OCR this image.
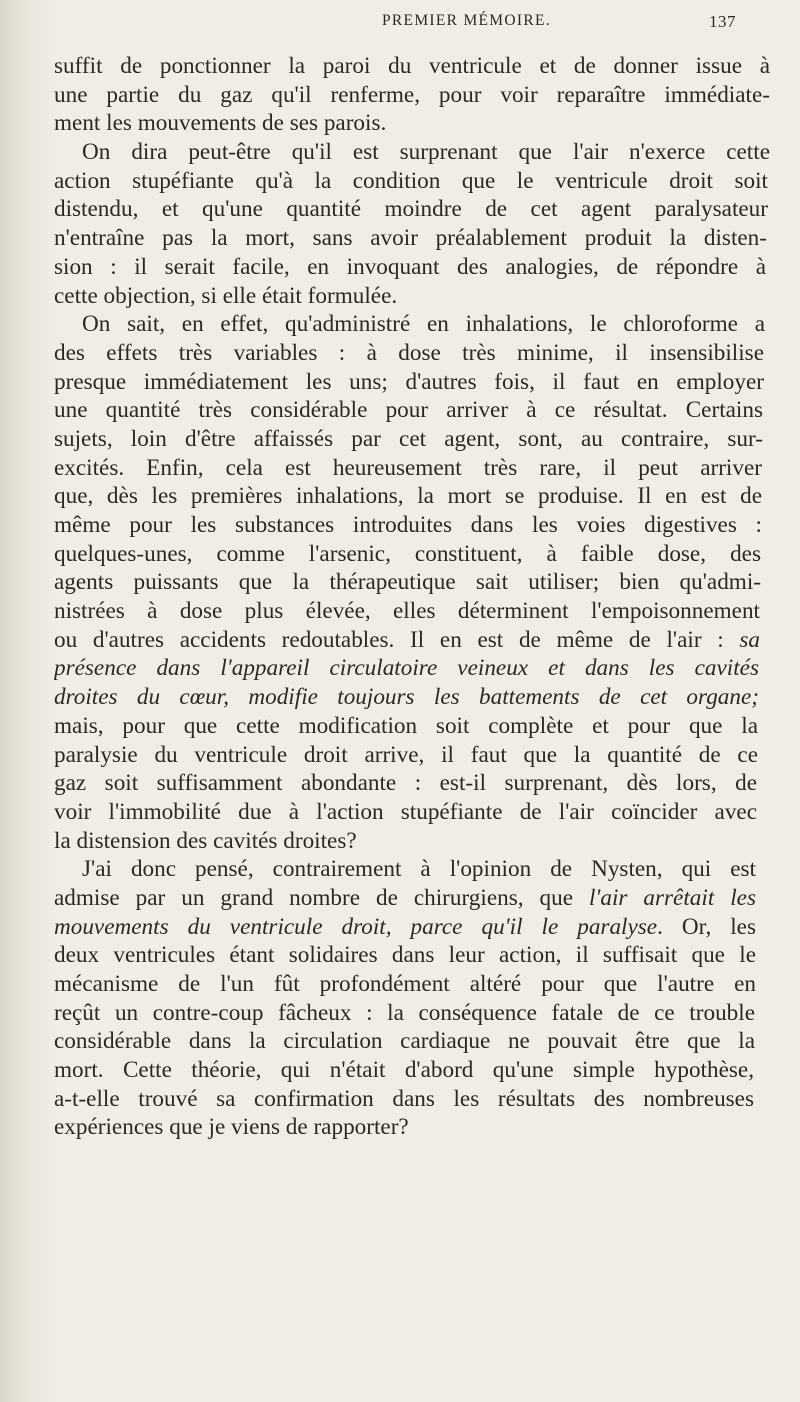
PREMIER MÉMOIRE.	137
suffit de ponctionner la paroi du ventricule et de donner issue à
une partie du gaz qu'il renferme, pour voir reparaître immédiate-
ment les mouvements de ses parois.
On dira peut-être qu'il est surprenant que l'air n'exerce cette
action stupéfiante qu'à la condition que le ventricule droit soit
distendu, et qu'une quantité moindre de cet agent paralysateur
n'entraîne pas la mort, sans avoir préalablement produit la disten-
sion : il serait facile, en invoquant des analogies, de répondre à
cette objection, si elle était formulée.
On sait, en effet, qu'administré en inhalations, le chloroforme a
des effets très variables : à dose très minime, il insensibilise
presque immédiatement les uns; d'autres fois, il faut en employer
une quantité très considérable pour arriver à ce résultat. Certains
sujets, loin d'être affaissés par cet agent, sont, au contraire, sur-
excités. Enfin, cela est heureusement très rare, il peut arriver
que, dès les premières inhalations, la mort se produise. Il en est de
même pour les substances introduites dans les voies digestives :
quelques-unes, comme l'arsenic, constituent, à faible dose, des
agents puissants que la thérapeutique sait utiliser; bien qu'admi-
nistrées à dose plus élevée, elles déterminent l'empoisonnement
ou d'autres accidents redoutables. Il en est de même de l'air : sa
présence dans l'appareil circulatoire veineux et dans les cavités
droites du cœur, modifie toujours les battements de cet organe;
mais, pour que cette modification soit complète et pour que la
paralysie du ventricule droit arrive, il faut que la quantité de ce
gaz soit suffisamment abondante : est-il surprenant, dès lors, de
voir l'immobilité due à l'action stupéfiante de l'air coïncider avec
la distension des cavités droites?
J'ai donc pensé, contrairement à l'opinion de Nysten, qui est
admise par un grand nombre de chirurgiens, que l'air arrêtait les
mouvements du ventricule droit, parce qu'il le paralyse. Or, les
deux ventricules étant solidaires dans leur action, il suffisait que le
mécanisme de l'un fût profondément altéré pour que l'autre en
reçût un contre-coup fâcheux : la conséquence fatale de ce trouble
considérable dans la circulation cardiaque ne pouvait être que la
mort. Cette théorie, qui n'était d'abord qu'une simple hypothèse,
a-t-elle trouvé sa confirmation dans les résultats des nombreuses
expériences que je viens de rapporter?
